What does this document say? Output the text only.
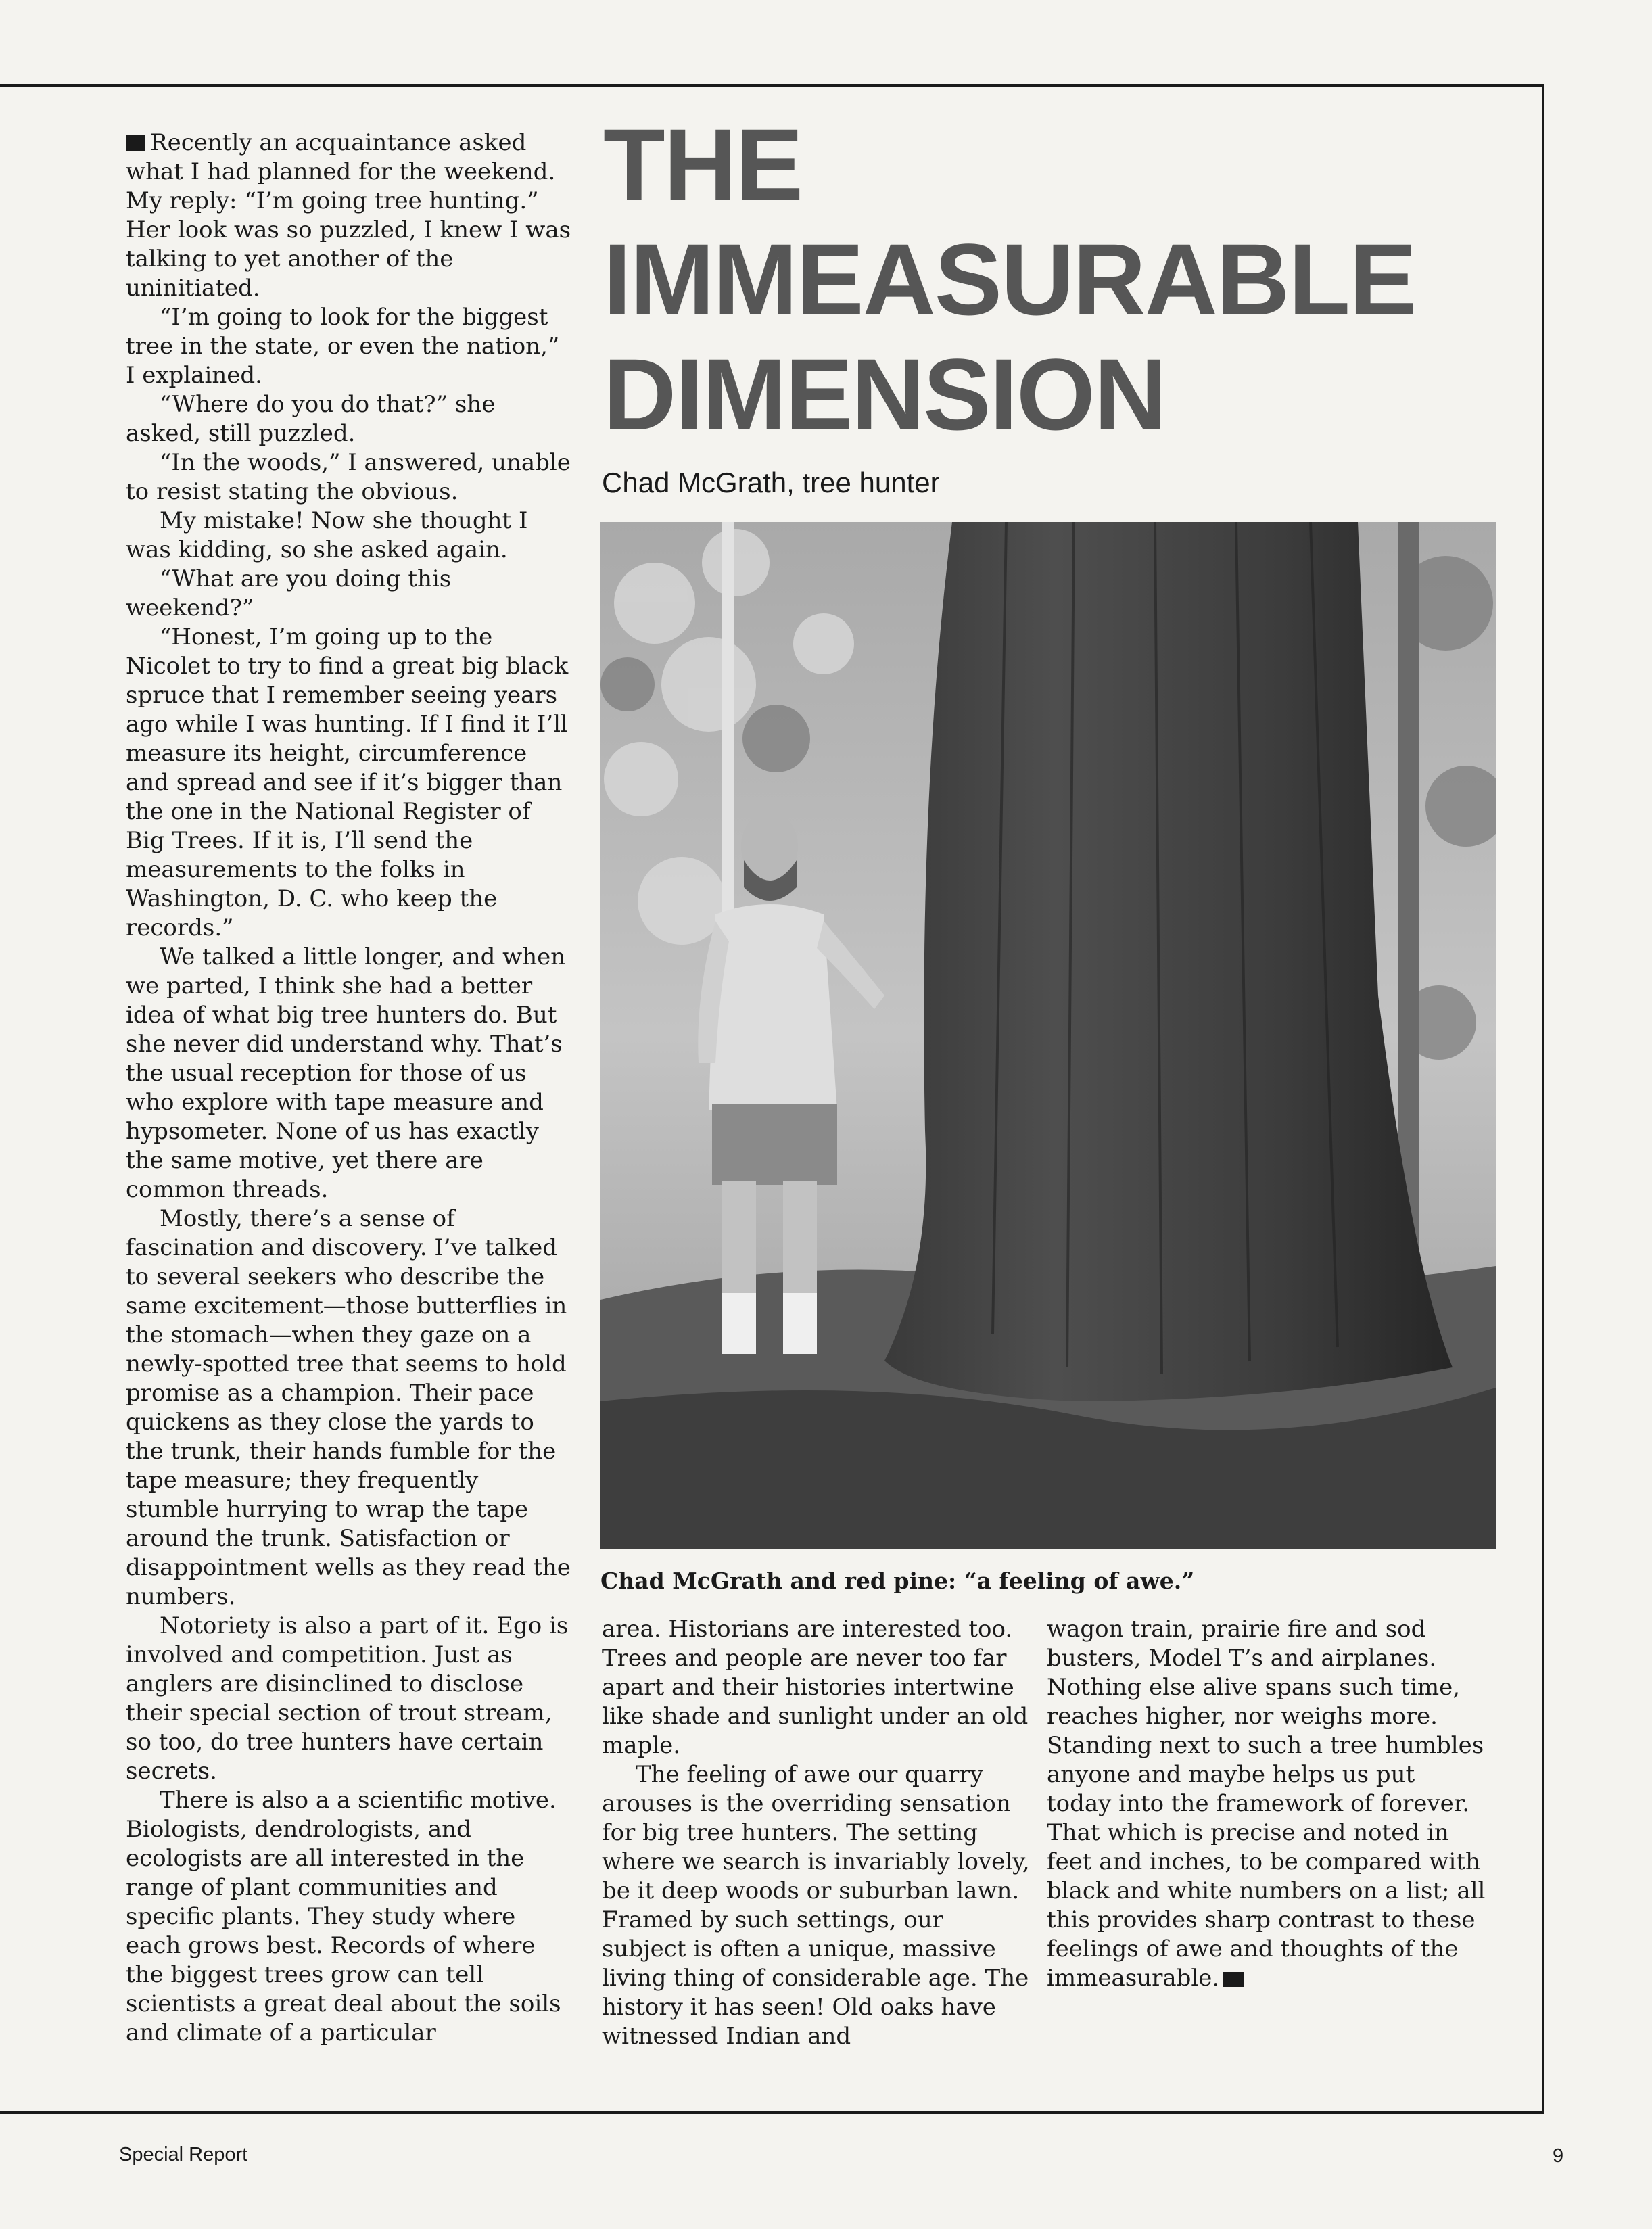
Recently an acquaintance asked what I had planned for the weekend. My reply: “I’m going tree hunting.” Her look was so puzzled, I knew I was talking to yet another of the uninitiated.

“I’m going to look for the biggest tree in the state, or even the nation,” I explained.

“Where do you do that?” she asked, still puzzled.

“In the woods,” I answered, unable to resist stating the obvious.

My mistake! Now she thought I was kidding, so she asked again.

“What are you doing this weekend?”

“Honest, I’m going up to the Nicolet to try to find a great big black spruce that I remember seeing years ago while I was hunting. If I find it I’ll measure its height, circumference and spread and see if it’s bigger than the one in the National Register of Big Trees. If it is, I’ll send the measurements to the folks in Washington, D. C. who keep the records.”

We talked a little longer, and when we parted, I think she had a better idea of what big tree hunters do. But she never did understand why. That’s the usual reception for those of us who explore with tape measure and hypsometer. None of us has exactly the same motive, yet there are common threads.

Mostly, there’s a sense of fascination and discovery. I’ve talked to several seekers who describe the same excitement—those butterflies in the stomach—when they gaze on a newly-spotted tree that seems to hold promise as a champion. Their pace quickens as they close the yards to the trunk, their hands fumble for the tape measure; they frequently stumble hurrying to wrap the tape around the trunk. Satisfaction or disappointment wells as they read the numbers.

Notoriety is also a part of it. Ego is involved and competition. Just as anglers are disinclined to disclose their special section of trout stream, so too, do tree hunters have certain secrets.

There is also a a scientific motive. Biologists, dendrologists, and ecologists are all interested in the range of plant communities and specific plants. They study where each grows best. Records of where the biggest trees grow can tell scientists a great deal about the soils and climate of a particular

THE
IMMEASURABLE
DIMENSION
Chad McGrath, tree hunter
Chad McGrath and red pine: “a feeling of awe.”

area. Historians are interested too. Trees and people are never too far apart and their histories intertwine like shade and sunlight under an old maple.

The feeling of awe our quarry arouses is the overriding sensation for big tree hunters. The setting where we search is invariably lovely, be it deep woods or suburban lawn. Framed by such settings, our subject is often a unique, massive living thing of considerable age. The history it has seen! Old oaks have witnessed Indian and

wagon train, prairie fire and sod busters, Model T’s and airplanes. Nothing else alive spans such time, reaches higher, nor weighs more. Standing next to such a tree humbles anyone and maybe helps us put today into the framework of forever. That which is precise and noted in feet and inches, to be compared with black and white numbers on a list; all this provides sharp contrast to these feelings of awe and thoughts of the immeasurable.

Special Report	9
